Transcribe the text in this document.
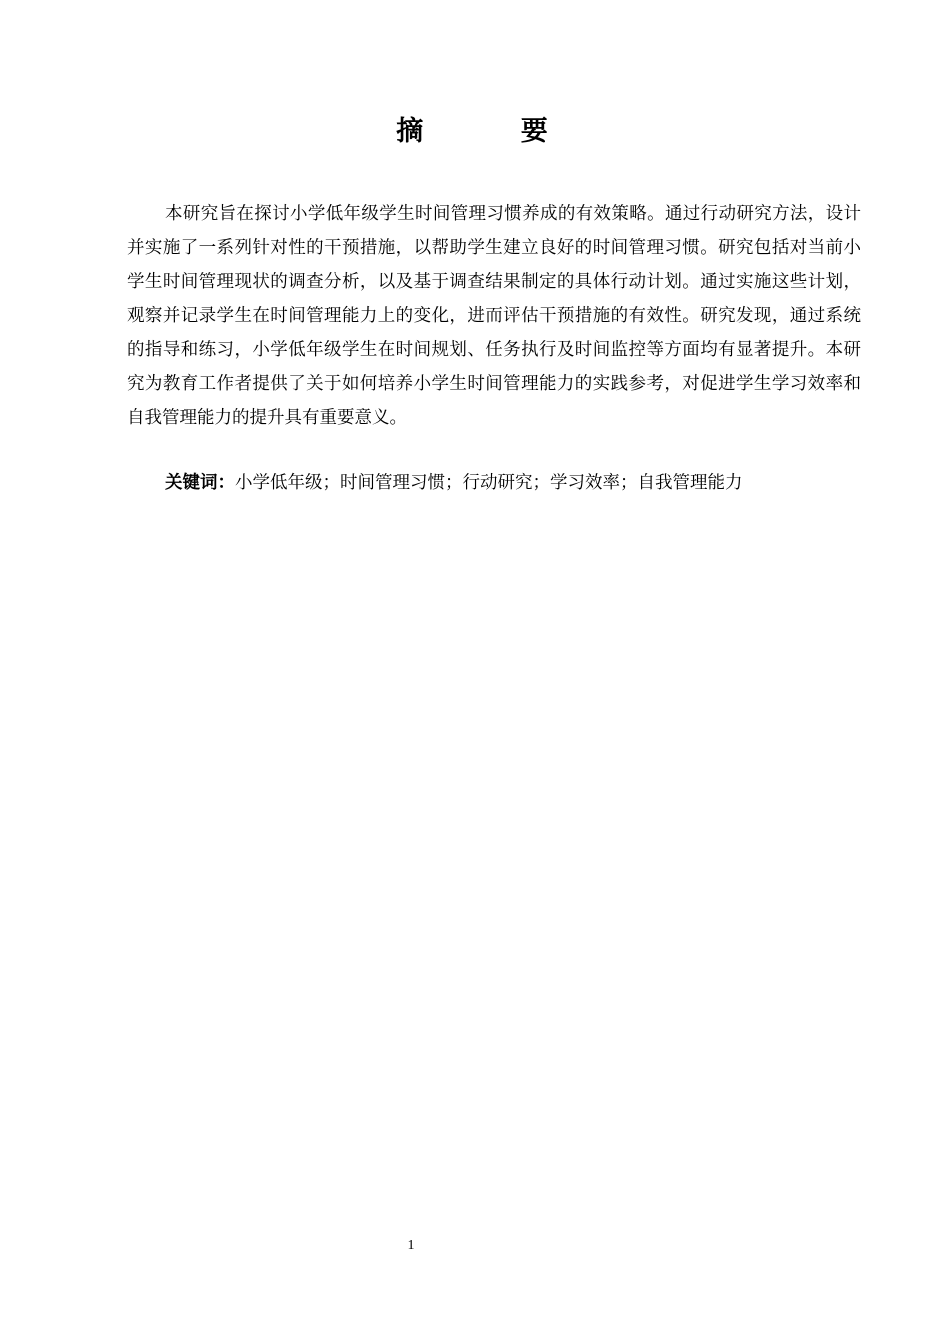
摘 要

本研究旨在探讨小学低年级学生时间管理习惯养成的有效策略。通过行动研究方法，设计并实施了一系列针对性的干预措施，以帮助学生建立良好的时间管理习惯。研究包括对当前小学生时间管理现状的调查分析，以及基于调查结果制定的具体行动计划。通过实施这些计划，观察并记录学生在时间管理能力上的变化，进而评估干预措施的有效性。研究发现，通过系统的指导和练习，小学低年级学生在时间规划、任务执行及时间监控等方面均有显著提升。本研究为教育工作者提供了关于如何培养小学生时间管理能力的实践参考，对促进学生学习效率和自我管理能力的提升具有重要意义。

关键词：小学低年级；时间管理习惯；行动研究；学习效率；自我管理能力

1
